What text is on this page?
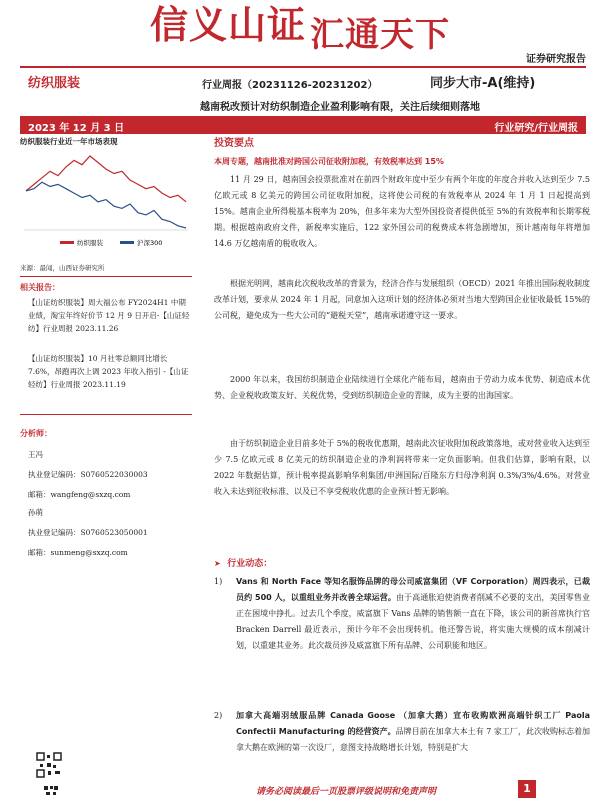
信义山证 汇通天下
证券研究报告
纺织服装	行业周报（20231126-20231202）	同步大市-A(维持)
越南税改预计对纺织制造企业盈利影响有限，关注后续细则落地
2023 年 12 月 3 日	行业研究/行业周报
纺织服装行业近一年市场表现
纺织服装	沪深300
来源：最闻，山西证券研究所
相关报告：
【山证纺织服装】周大福公布 FY2024H1 中期业绩，淘宝年终好价节 12 月 9 日开启-【山证轻纺】行业周报 2023.11.26
【山证纺织服装】10 月社零总额同比增长 7.6%，昂跑再次上调 2023 年收入指引 -【山证轻纺】行业周报 2023.11.19
分析师：
王冯
执业登记编码：S0760522030003
邮箱：wangfeng@sxzq.com
孙萌
执业登记编码：S0760523050001
邮箱：sunmeng@sxzq.com
投资要点
本周专题，越南批准对跨国公司征收附加税，有效税率达到 15%

11 月 29 日，越南国会投票批准对在前四个财政年度中至少有两个年度的年度合并收入达到至少 7.5 亿欧元或 8 亿美元的跨国公司征收附加税，这将使公司税的有效税率从 2024 年 1 月 1 日起提高到 15%。越南企业所得税基本税率为 20%，但多年来为大型外国投资者提供低至 5%的有效税率和长期零税期。根据越南政府文件，新税率实施后，122 家外国公司的税费成本将急剧增加，预计越南每年将增加 14.6 万亿越南盾的税收收入。

根据光明网，越南此次税收改革的背景为，经济合作与发展组织（OECD）2021 年推出国际税收制度改革计划，要求从 2024 年 1 月起，同意加入这项计划的经济体必须对当地大型跨国企业征收最低 15%的公司税，避免成为一些大公司的“避税天堂”，越南承诺遵守这一要求。

2000 年以来，我国纺织制造企业陆续进行全球化产能布局，越南由于劳动力成本优势、制造成本优势、企业税收政策友好、关税优势，受到纺织制造企业的青睐，成为主要的出海国家。

由于纺织制造企业目前多处于 5%的税收优惠期，越南此次征收附加税政策落地，或对营业收入达到至少 7.5 亿欧元或 8 亿美元的纺织制造企业的净利润将带来一定负面影响。但我们估算，影响有限，以 2022 年数据估算，预计税率提高影响华利集团/申洲国际/百隆东方归母净利润 0.3%/3%/4.6%。对营业收入未达到征收标准、以及已不享受税收优惠的企业预计暂无影响。

➤ 行业动态：
1) Vans 和 North Face 等知名服饰品牌的母公司威富集团（VF Corporation）周四表示，已裁员约 500 人，以重组业务并改善全球运营。由于高通胀迫使消费者削减不必要的支出，美国零售业正在困境中挣扎。过去几个季度，威富旗下 Vans 品牌的销售额一直在下降，该公司的新首席执行官 Bracken Darrell 最近表示，预计今年不会出现转机。他还警告说，将实施大规模的成本削减计划，以重建其业务。此次裁员涉及威富旗下所有品牌、公司职能和地区。

2) 加拿大高端羽绒服品牌 Canada Goose （加拿大鹅）宣布收购欧洲高端针织工厂 Paola Confectii Manufacturing 的经营资产。品牌目前在加拿大本土有 7 家工厂，此次收购标志着加拿大鹅在欧洲的第一次设厂，意图支持战略增长计划，特别是扩大

请务必阅读最后一页股票评级说明和免责声明	1
